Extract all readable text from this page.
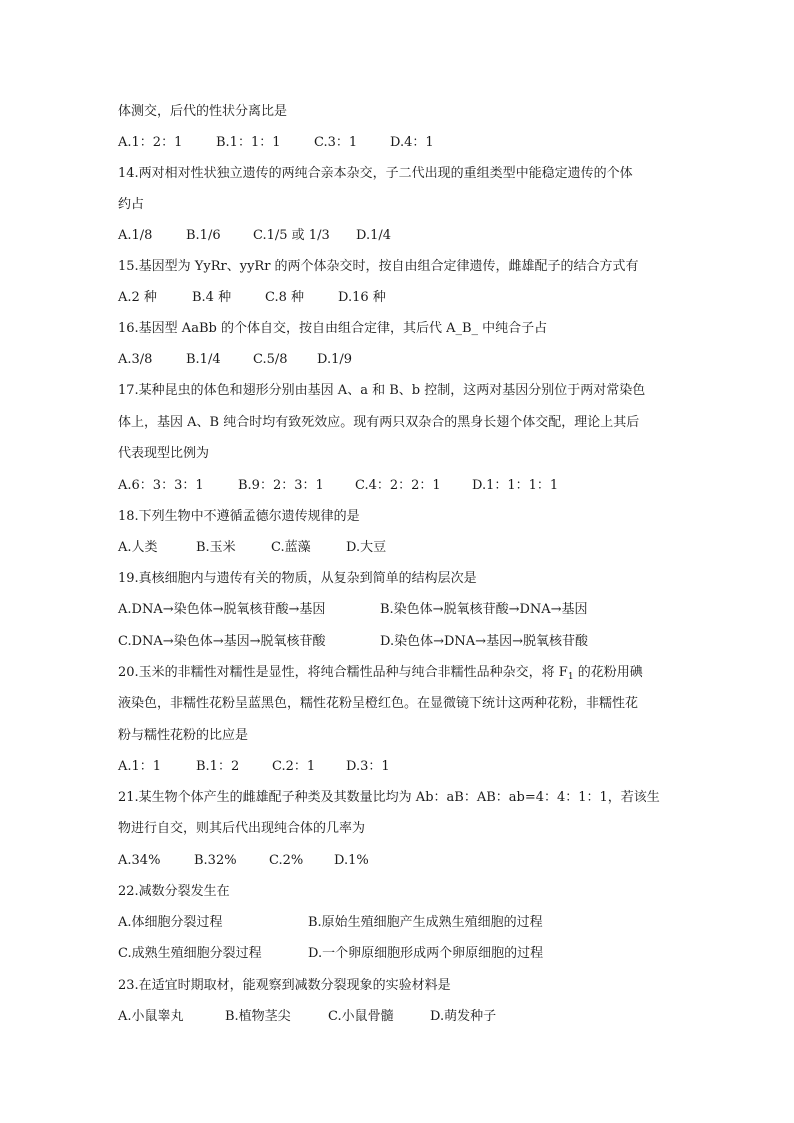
体测交，后代的性状分离比是
A.1：2：1	B.1：1：1	C.3：1	D.4：1
14.两对相对性状独立遗传的两纯合亲本杂交，子二代出现的重组类型中能稳定遗传的个体
约占
A.1/8	B.1/6 C.1/5 或 1/3 D.1/4
15.基因型为 YyRr、yyRr 的两个体杂交时，按自由组合定律遗传，雌雄配子的结合方式有
A.2 种	B.4 种	C.8 种	D.16 种
16.基因型 AaBb 的个体自交，按自由组合定律，其后代 A_B_ 中纯合子占
A.3/8	B.1/4 C.5/8 D.1/9
17.某种昆虫的体色和翅形分别由基因 A、a 和 B、b 控制，这两对基因分别位于两对常染色
体上，基因 A、B 纯合时均有致死效应。现有两只双杂合的黑身长翅个体交配，理论上其后
代表现型比例为
A.6：3：3：1	B.9：2：3：1 C.4：2：2：1 D.1：1：1：1
18.下列生物中不遵循孟德尔遗传规律的是
A.人类	B.玉米	C.蓝藻	D.大豆
19.真核细胞内与遗传有关的物质，从复杂到简单的结构层次是
A.DNA→染色体→脱氧核苷酸→基因	B.染色体→脱氧核苷酸→DNA→基因
C.DNA→染色体→基因→脱氧核苷酸	D.染色体→DNA→基因→脱氧核苷酸
20.玉米的非糯性对糯性是显性，将纯合糯性品种与纯合非糯性品种杂交，将 $F_1$ 的花粉用碘
液染色，非糯性花粉呈蓝黑色，糯性花粉呈橙红色。在显微镜下统计这两种花粉，非糯性花
粉与糯性花粉的比应是
A.1：1	B.1：2	C.2：1 D.3：1
21.某生物个体产生的雌雄配子种类及其数量比均为 Ab：aB：AB：ab=4：4：1：1，若该生
物进行自交，则其后代出现纯合体的几率为
A.34%	B.32% C.2% D.1%
22.减数分裂发生在
A.体细胞分裂过程	B.原始生殖细胞产生成熟生殖细胞的过程
C.成熟生殖细胞分裂过程	D.一个卵原细胞形成两个卵原细胞的过程
23.在适宜时期取材，能观察到减数分裂现象的实验材料是
A.小鼠睾丸	B.植物茎尖	C.小鼠骨髓	D.萌发种子
